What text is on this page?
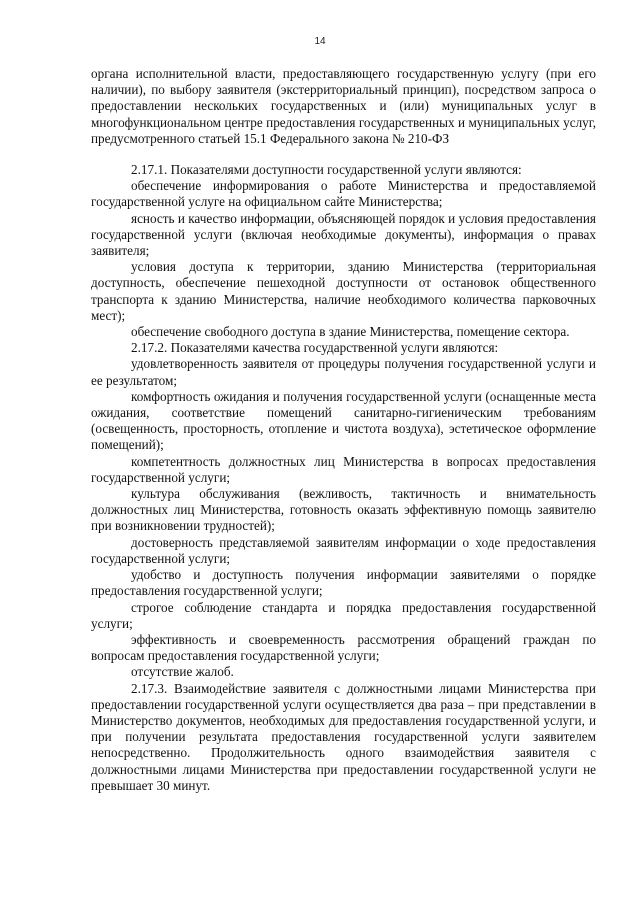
14

органа исполнительной власти, предоставляющего государственную услугу (при его наличии), по выбору заявителя (экстерриториальный принцип), посредством запроса о предоставлении нескольких государственных и (или) муниципальных услуг в многофункциональном центре предоставления государственных и муниципальных услуг, предусмотренного статьей 15.1 Федерального закона № 210-ФЗ

2.17.1. Показателями доступности государственной услуги являются:

обеспечение информирования о работе Министерства и предоставляемой государственной услуге на официальном сайте Министерства;

ясность и качество информации, объясняющей порядок и условия предоставления государственной услуги (включая необходимые документы), информация о правах заявителя;

условия доступа к территории, зданию Министерства (территориальная доступность, обеспечение пешеходной доступности от остановок общественного транспорта к зданию Министерства, наличие необходимого количества парковочных мест);

обеспечение свободного доступа в здание Министерства, помещение сектора.

2.17.2. Показателями качества государственной услуги являются:

удовлетворенность заявителя от процедуры получения государственной услуги и ее результатом;

комфортность ожидания и получения государственной услуги (оснащенные места ожидания, соответствие помещений санитарно-гигиеническим требованиям (освещенность, просторность, отопление и чистота воздуха), эстетическое оформление помещений);

компетентность должностных лиц Министерства в вопросах предоставления государственной услуги;

культура обслуживания (вежливость, тактичность и внимательность должностных лиц Министерства, готовность оказать эффективную помощь заявителю при возникновении трудностей);

достоверность представляемой заявителям информации о ходе предоставления государственной услуги;

удобство и доступность получения информации заявителями о порядке предоставления государственной услуги;

строгое соблюдение стандарта и порядка предоставления государственной услуги;

эффективность и своевременность рассмотрения обращений граждан по вопросам предоставления государственной услуги;

отсутствие жалоб.

2.17.3. Взаимодействие заявителя с должностными лицами Министерства при предоставлении государственной услуги осуществляется два раза – при представлении в Министерство документов, необходимых для предоставления государственной услуги, и при получении результата предоставления государственной услуги заявителем непосредственно. Продолжительность одного взаимодействия заявителя с должностными лицами Министерства при предоставлении государственной услуги не превышает 30 минут.
